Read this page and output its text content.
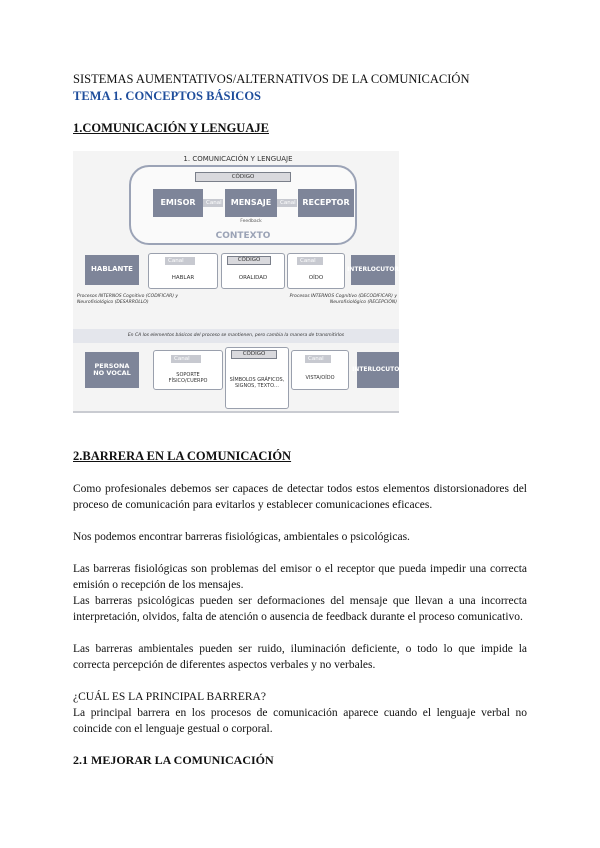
SISTEMAS AUMENTATIVOS/ALTERNATIVOS DE LA COMUNICACIÓN
TEMA 1. CONCEPTOS BÁSICOS
1.COMUNICACIÓN Y LENGUAJE
1. COMUNICACIÓN Y LENGUAJE
CÓDIGO
EMISOR	Canal	MENSAJE	Canal RECEPTOR
Feedback
CONTEXTO
HABLANTE
Canal
HABLAR
CÓDIGO
ORALIDAD
Canal
OÍDO
INTERLOCUTOR
Procesos INTERNOS Cognitivo (CODIFICAR) y Neurofisiológico (DESARROLLO)
Procesos INTERNOS Cognitivo (DECODIFICAR) y Neurofisiológico (RECEPCIÓN)
En CA los elementos básicos del proceso se mantienen, pero cambia la manera de transmitirlos
PERSONA NO VOCAL
Canal
SOPORTE FÍSICO/CUERPO
CÓDIGO
SÍMBOLOS GRÁFICOS, SIGNOS, TEXTO…
Canal
VISTA/OÍDO
INTERLOCUTOR
2.BARRERA EN LA COMUNICACIÓN
Como profesionales debemos ser capaces de detectar todos estos elementos distorsionadores del proceso de comunicación para evitarlos y establecer comunicaciones eficaces.
Nos podemos encontrar barreras fisiológicas, ambientales o psicológicas.
Las barreras fisiológicas son problemas del emisor o el receptor que pueda impedir una correcta emisión o recepción de los mensajes.
Las barreras psicológicas pueden ser deformaciones del mensaje que llevan a una incorrecta interpretación, olvidos, falta de atención o ausencia de feedback durante el proceso comunicativo.
Las barreras ambientales pueden ser ruido, iluminación deficiente, o todo lo que impide la correcta percepción de diferentes aspectos verbales y no verbales.
¿CUÁL ES LA PRINCIPAL BARRERA?
La principal barrera en los procesos de comunicación aparece cuando el lenguaje verbal no coincide con el lenguaje gestual o corporal.
2.1 MEJORAR LA COMUNICACIÓN
